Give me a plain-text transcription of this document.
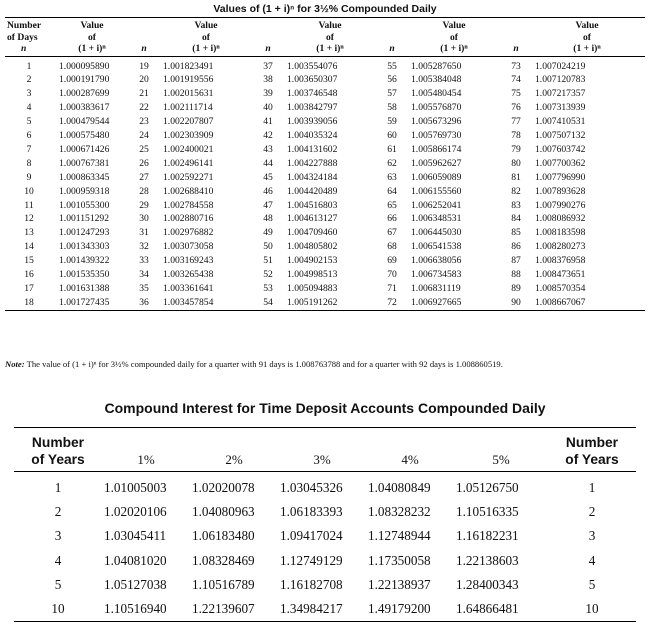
Values of (1 + i)ⁿ for 3½% Compounded Daily
Number
of Days
n	Value
of
(1 + i)ⁿ	n	Value
of
(1 + i)ⁿ	n	Value
of
(1 + i)ⁿ	n	Value
of
(1 + i)ⁿ	n	Value
of
(1 + i)ⁿ
1	1.000095890	19	1.001823491	37	1.003554076	55	1.005287650	73	1.007024219
2	1.000191790	20	1.001919556	38	1.003650307	56	1.005384048	74	1.007120783
3	1.000287699	21	1.002015631	39	1.003746548	57	1.005480454	75	1.007217357
4	1.000383617	22	1.002111714	40	1.003842797	58	1.005576870	76	1.007313939
5	1.000479544	23	1.002207807	41	1.003939056	59	1.005673296	77	1.007410531
6	1.000575480	24	1.002303909	42	1.004035324	60	1.005769730	78	1.007507132
7	1.000671426	25	1.002400021	43	1.004131602	61	1.005866174	79	1.007603742
8	1.000767381	26	1.002496141	44	1.004227888	62	1.005962627	80	1.007700362
9	1.000863345	27	1.002592271	45	1.004324184	63	1.006059089	81	1.007796990
10	1.000959318	28	1.002688410	46	1.004420489	64	1.006155560	82	1.007893628
11	1.001055300	29	1.002784558	47	1.004516803	65	1.006252041	83	1.007990276
12	1.001151292	30	1.002880716	48	1.004613127	66	1.006348531	84	1.008086932
13	1.001247293	31	1.002976882	49	1.004709460	67	1.006445030	85	1.008183598
14	1.001343303	32	1.003073058	50	1.004805802	68	1.006541538	86	1.008280273
15	1.001439322	33	1.003169243	51	1.004902153	69	1.006638056	87	1.008376958
16	1.001535350	34	1.003265438	52	1.004998513	70	1.006734583	88	1.008473651
17	1.001631388	35	1.003361641	53	1.005094883	71	1.006831119	89	1.008570354
18	1.001727435	36	1.003457854	54	1.005191262	72	1.006927665	90	1.008667067
Note: The value of (1 + i)ⁿ for 3½% compounded daily for a quarter with 91 days is 1.008763788 and for a quarter with 92 days is 1.008860519.
Compound Interest for Time Deposit Accounts Compounded Daily
Number
of Years	1%	2%	3%	4%	5%	Number
of Years
1	1.01005003	1.02020078	1.03045326	1.04080849	1.05126750	1
2	1.02020106	1.04080963	1.06183393	1.08328232	1.10516335	2
3	1.03045411	1.06183480	1.09417024	1.12748944	1.16182231	3
4	1.04081020	1.08328469	1.12749129	1.17350058	1.22138603	4
5	1.05127038	1.10516789	1.16182708	1.22138937	1.28400343	5
10	1.10516940	1.22139607	1.34984217	1.49179200	1.64866481	10
